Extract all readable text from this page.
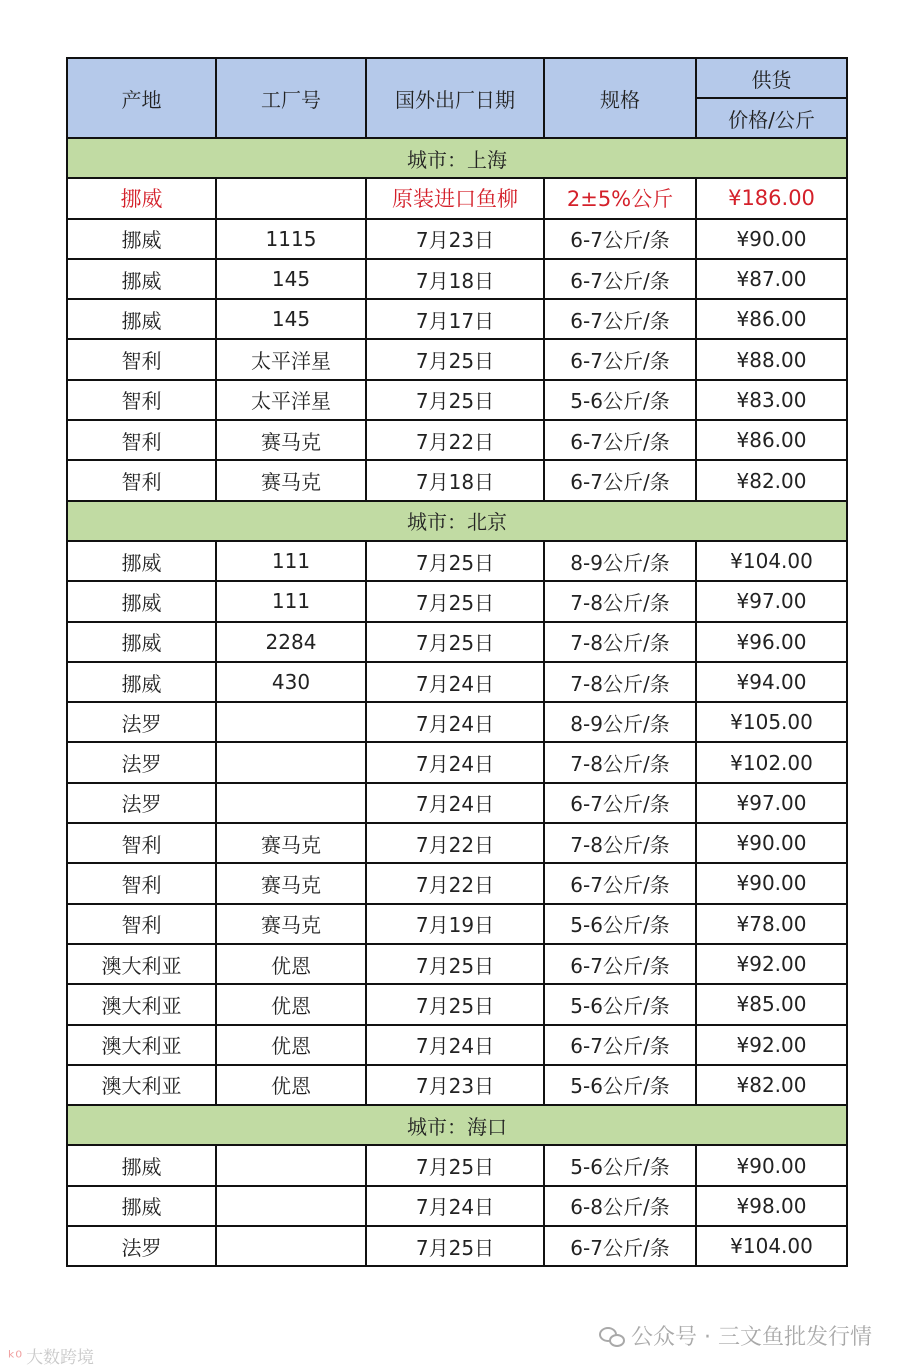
产地	工厂号	国外出厂日期	规格	供货
				价格/公斤
城市：上海				
挪威		原装进口鱼柳	2±5%公斤	¥186.00
挪威	1115	7月23日	6-7公斤/条	¥90.00
挪威	145	7月18日	6-7公斤/条	¥87.00
挪威	145	7月17日	6-7公斤/条	¥86.00
智利	太平洋星	7月25日	6-7公斤/条	¥88.00
智利	太平洋星	7月25日	5-6公斤/条	¥83.00
智利	赛马克	7月22日	6-7公斤/条	¥86.00
智利	赛马克	7月18日	6-7公斤/条	¥82.00
城市：北京				
挪威	111	7月25日	8-9公斤/条	¥104.00
挪威	111	7月25日	7-8公斤/条	¥97.00
挪威	2284	7月25日	7-8公斤/条	¥96.00
挪威	430	7月24日	7-8公斤/条	¥94.00
法罗		7月24日	8-9公斤/条	¥105.00
法罗		7月24日	7-8公斤/条	¥102.00
法罗		7月24日	6-7公斤/条	¥97.00
智利	赛马克	7月22日	7-8公斤/条	¥90.00
智利	赛马克	7月22日	6-7公斤/条	¥90.00
智利	赛马克	7月19日	5-6公斤/条	¥78.00
澳大利亚	优恩	7月25日	6-7公斤/条	¥92.00
澳大利亚	优恩	7月25日	5-6公斤/条	¥85.00
澳大利亚	优恩	7月24日	6-7公斤/条	¥92.00
澳大利亚	优恩	7月23日	5-6公斤/条	¥82.00
城市：海口				
挪威		7月25日	5-6公斤/条	¥90.00
挪威		7月24日	6-8公斤/条	¥98.00
法罗		7月25日	6-7公斤/条	¥104.00
ᵏ⁰ 大数跨境
公众号 · 三文鱼批发行情
